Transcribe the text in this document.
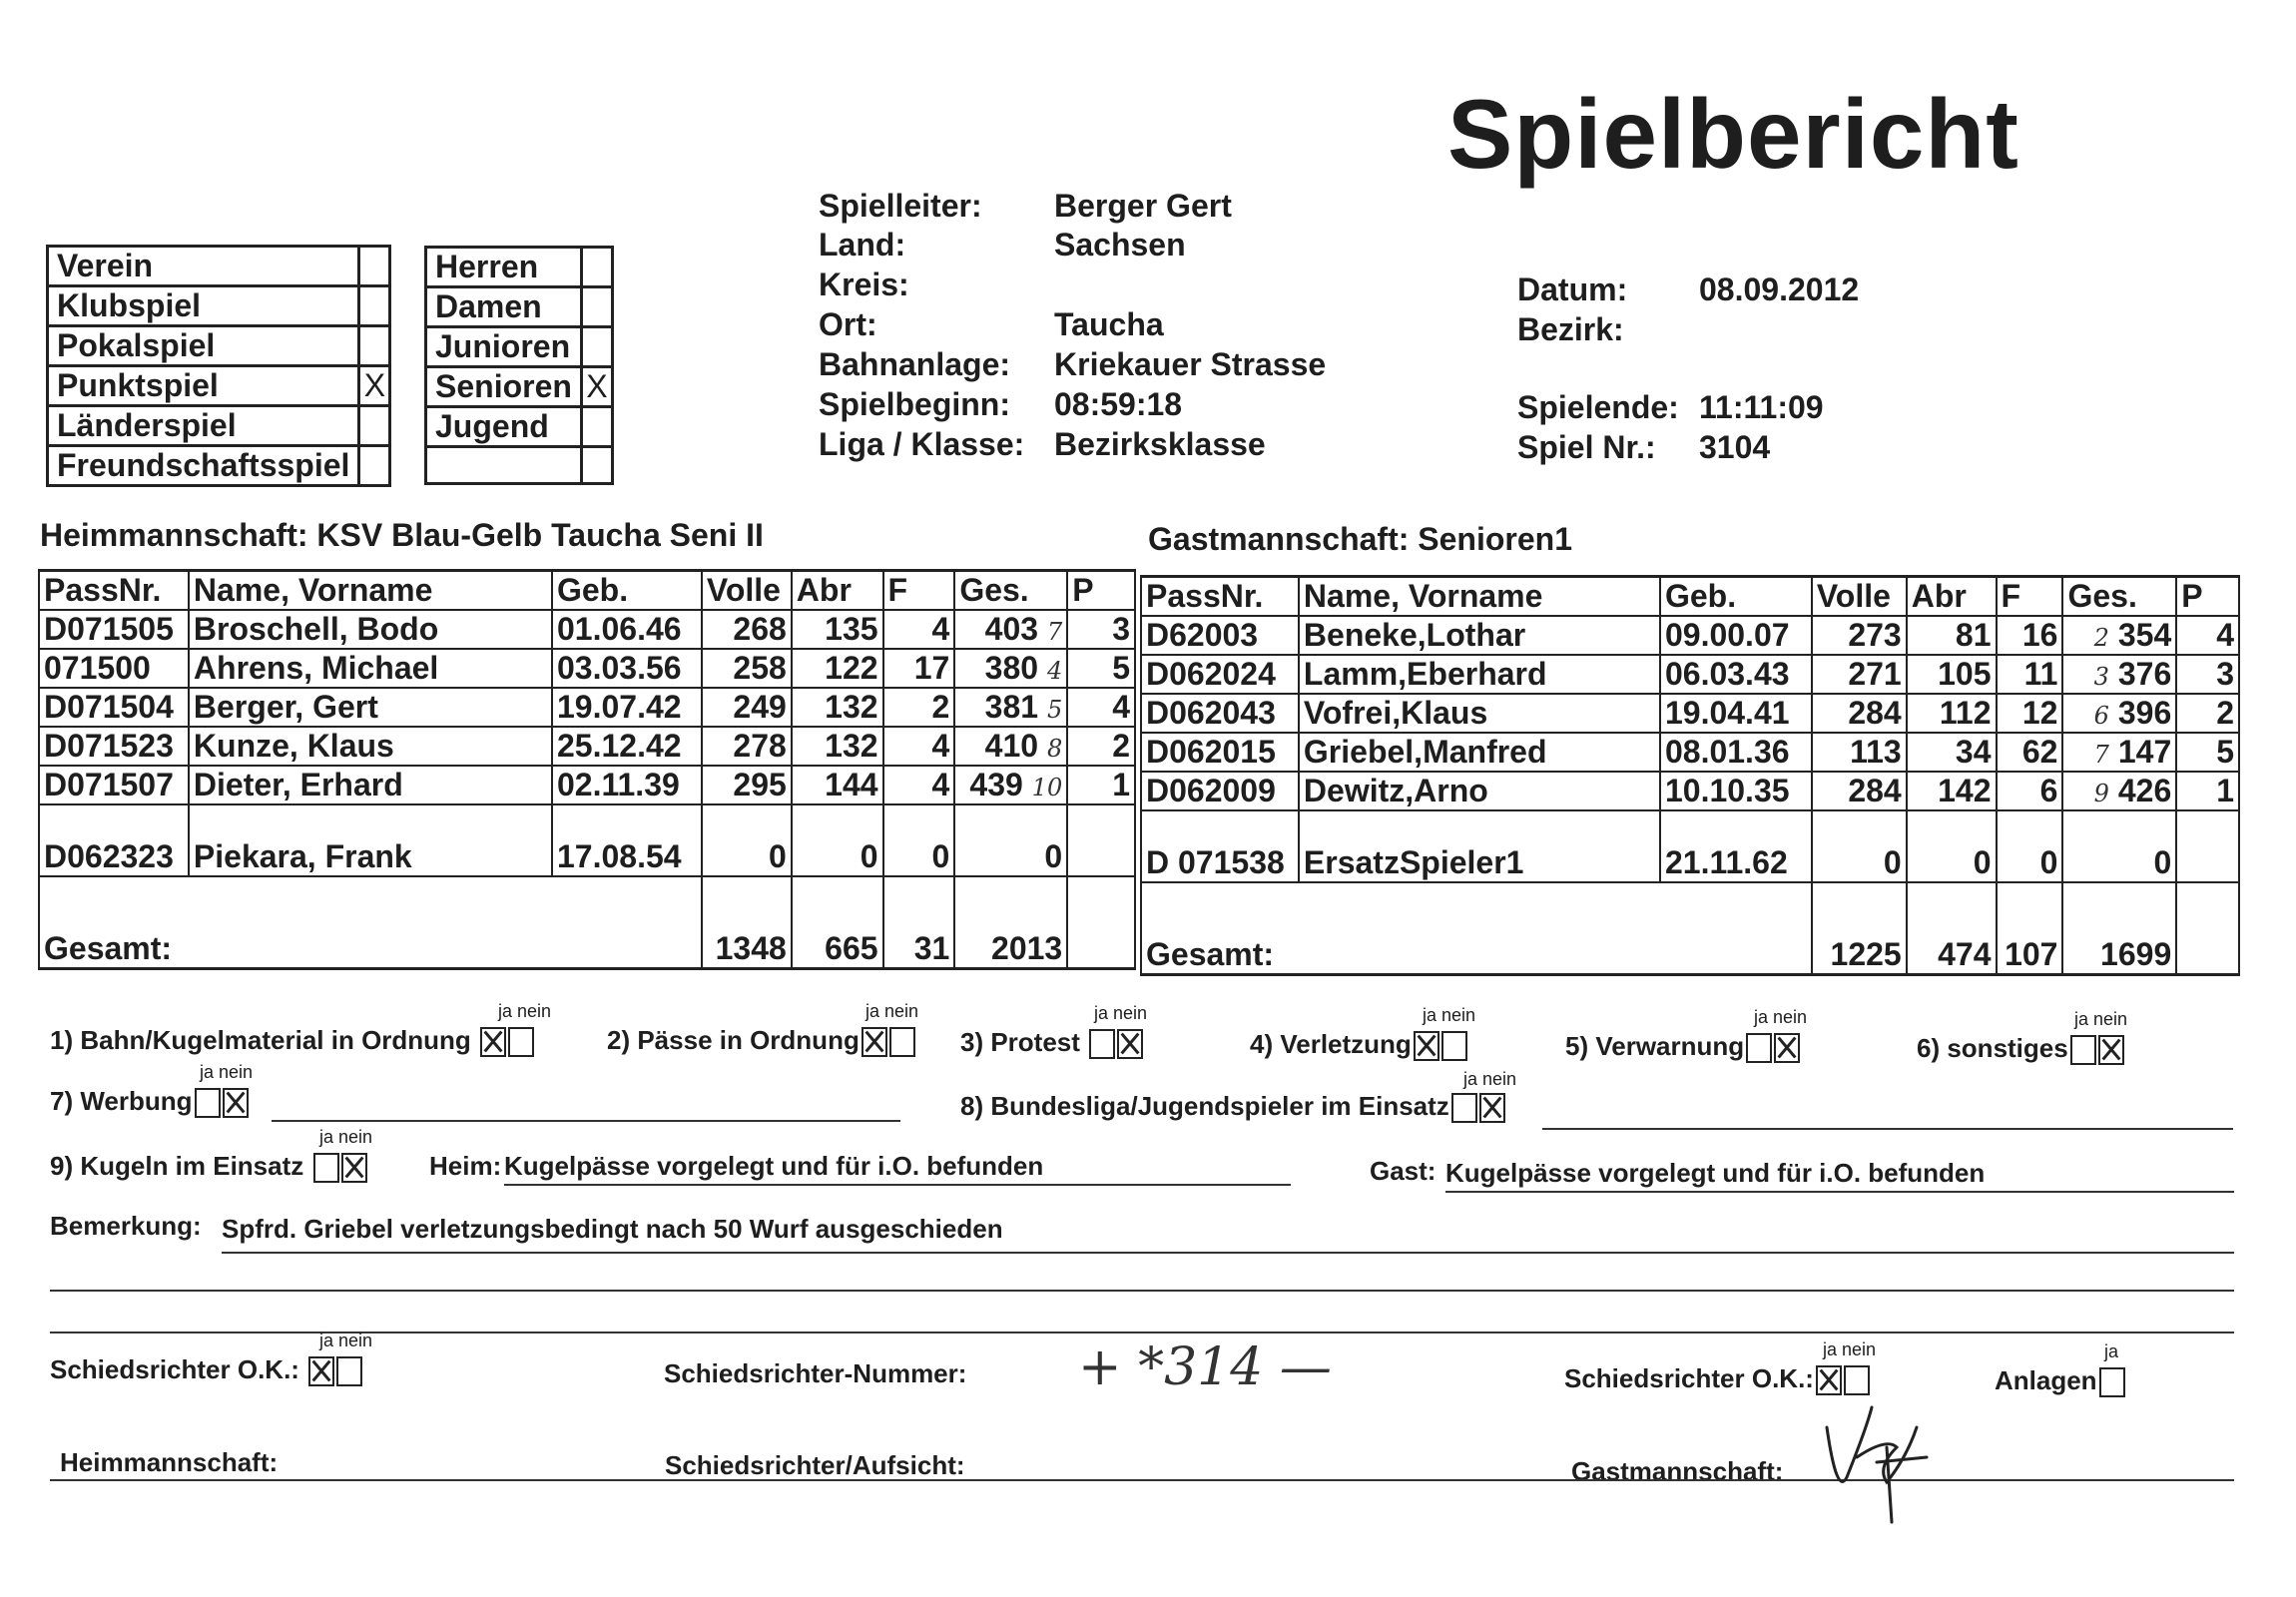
Spielbericht
Verein	
Klubspiel	
Pokalspiel	
Punktspiel	X
Länderspiel	
Freundschaftsspiel	
Herren	
Damen	
Junioren	
Senioren	X
Jugend	

Spielleiter: Berger Gert
Land:	Sachsen
Kreis:
Ort:	Taucha
Bahnanlage: Kriekauer Strasse
Spielbeginn: 08:59:18
Liga / Klasse: Bezirksklasse
Datum: 08.09.2012
Bezirk:
Spielende: 11:11:09
Spiel Nr.: 3104
Heimmannschaft: KSV Blau-Gelb Taucha Seni II	Gastmannschaft: Senioren1
PassNr.	Name, Vorname	Geb.	Volle	Abr	F	Ges.	P
D071505	Broschell, Bodo	01.06.46	268	135	4	403 7	3
071500	Ahrens, Michael	03.03.56	258	122	17	380 4	5
D071504	Berger, Gert	19.07.42	249	132	2	381 5	4
D071523	Kunze, Klaus	25.12.42	278	132	4	410 8	2
D071507	Dieter, Erhard	02.11.39	295	144	4	439 10	1
D062323	Piekara, Frank	17.08.54	0	0	0	0	
Gesamt:			1348	665	31	2013	
PassNr.	Name, Vorname	Geb.	Volle	Abr	F	Ges.	P
D62003	Beneke,Lothar	09.00.07	273	81	16	2 354	4
D062024	Lamm,Eberhard	06.03.43	271	105	11	3 376	3
D062043	Vofrei,Klaus	19.04.41	284	112	12	6 396	2
D062015	Griebel,Manfred	08.01.36	113	34	62	7 147	5
D062009	Dewitz,Arno	10.10.35	284	142	6	9 426	1
D 071538	ErsatzSpieler1	21.11.62	0	0	0	0	
Gesamt:			1225	474	107	1699	
1) Bahn/Kugelmaterial in Ordnung
ja nein
2) Pässe in Ordnung
ja nein
3) Protest
ja nein
4) Verletzung
ja nein
5) Verwarnung
ja nein
6) sonstiges
ja nein
7) Werbung
ja nein
8) Bundesliga/Jugendspieler im Einsatz
ja nein
9) Kugeln im Einsatz
ja nein
Heim: Kugelpässe vorgelegt und für i.O. befunden	Gast: Kugelpässe vorgelegt und für i.O. befunden
Bemerkung: Spfrd. Griebel verletzungsbedingt nach 50 Wurf ausgeschieden
Schiedsrichter O.K.:
ja nein
Schiedsrichter-Nummer: + *314 —	Schiedsrichter O.K.:
ja nein
Anlagen
ja
Heimmannschaft:	Schiedsrichter/Aufsicht:	Gastmannschaft:
